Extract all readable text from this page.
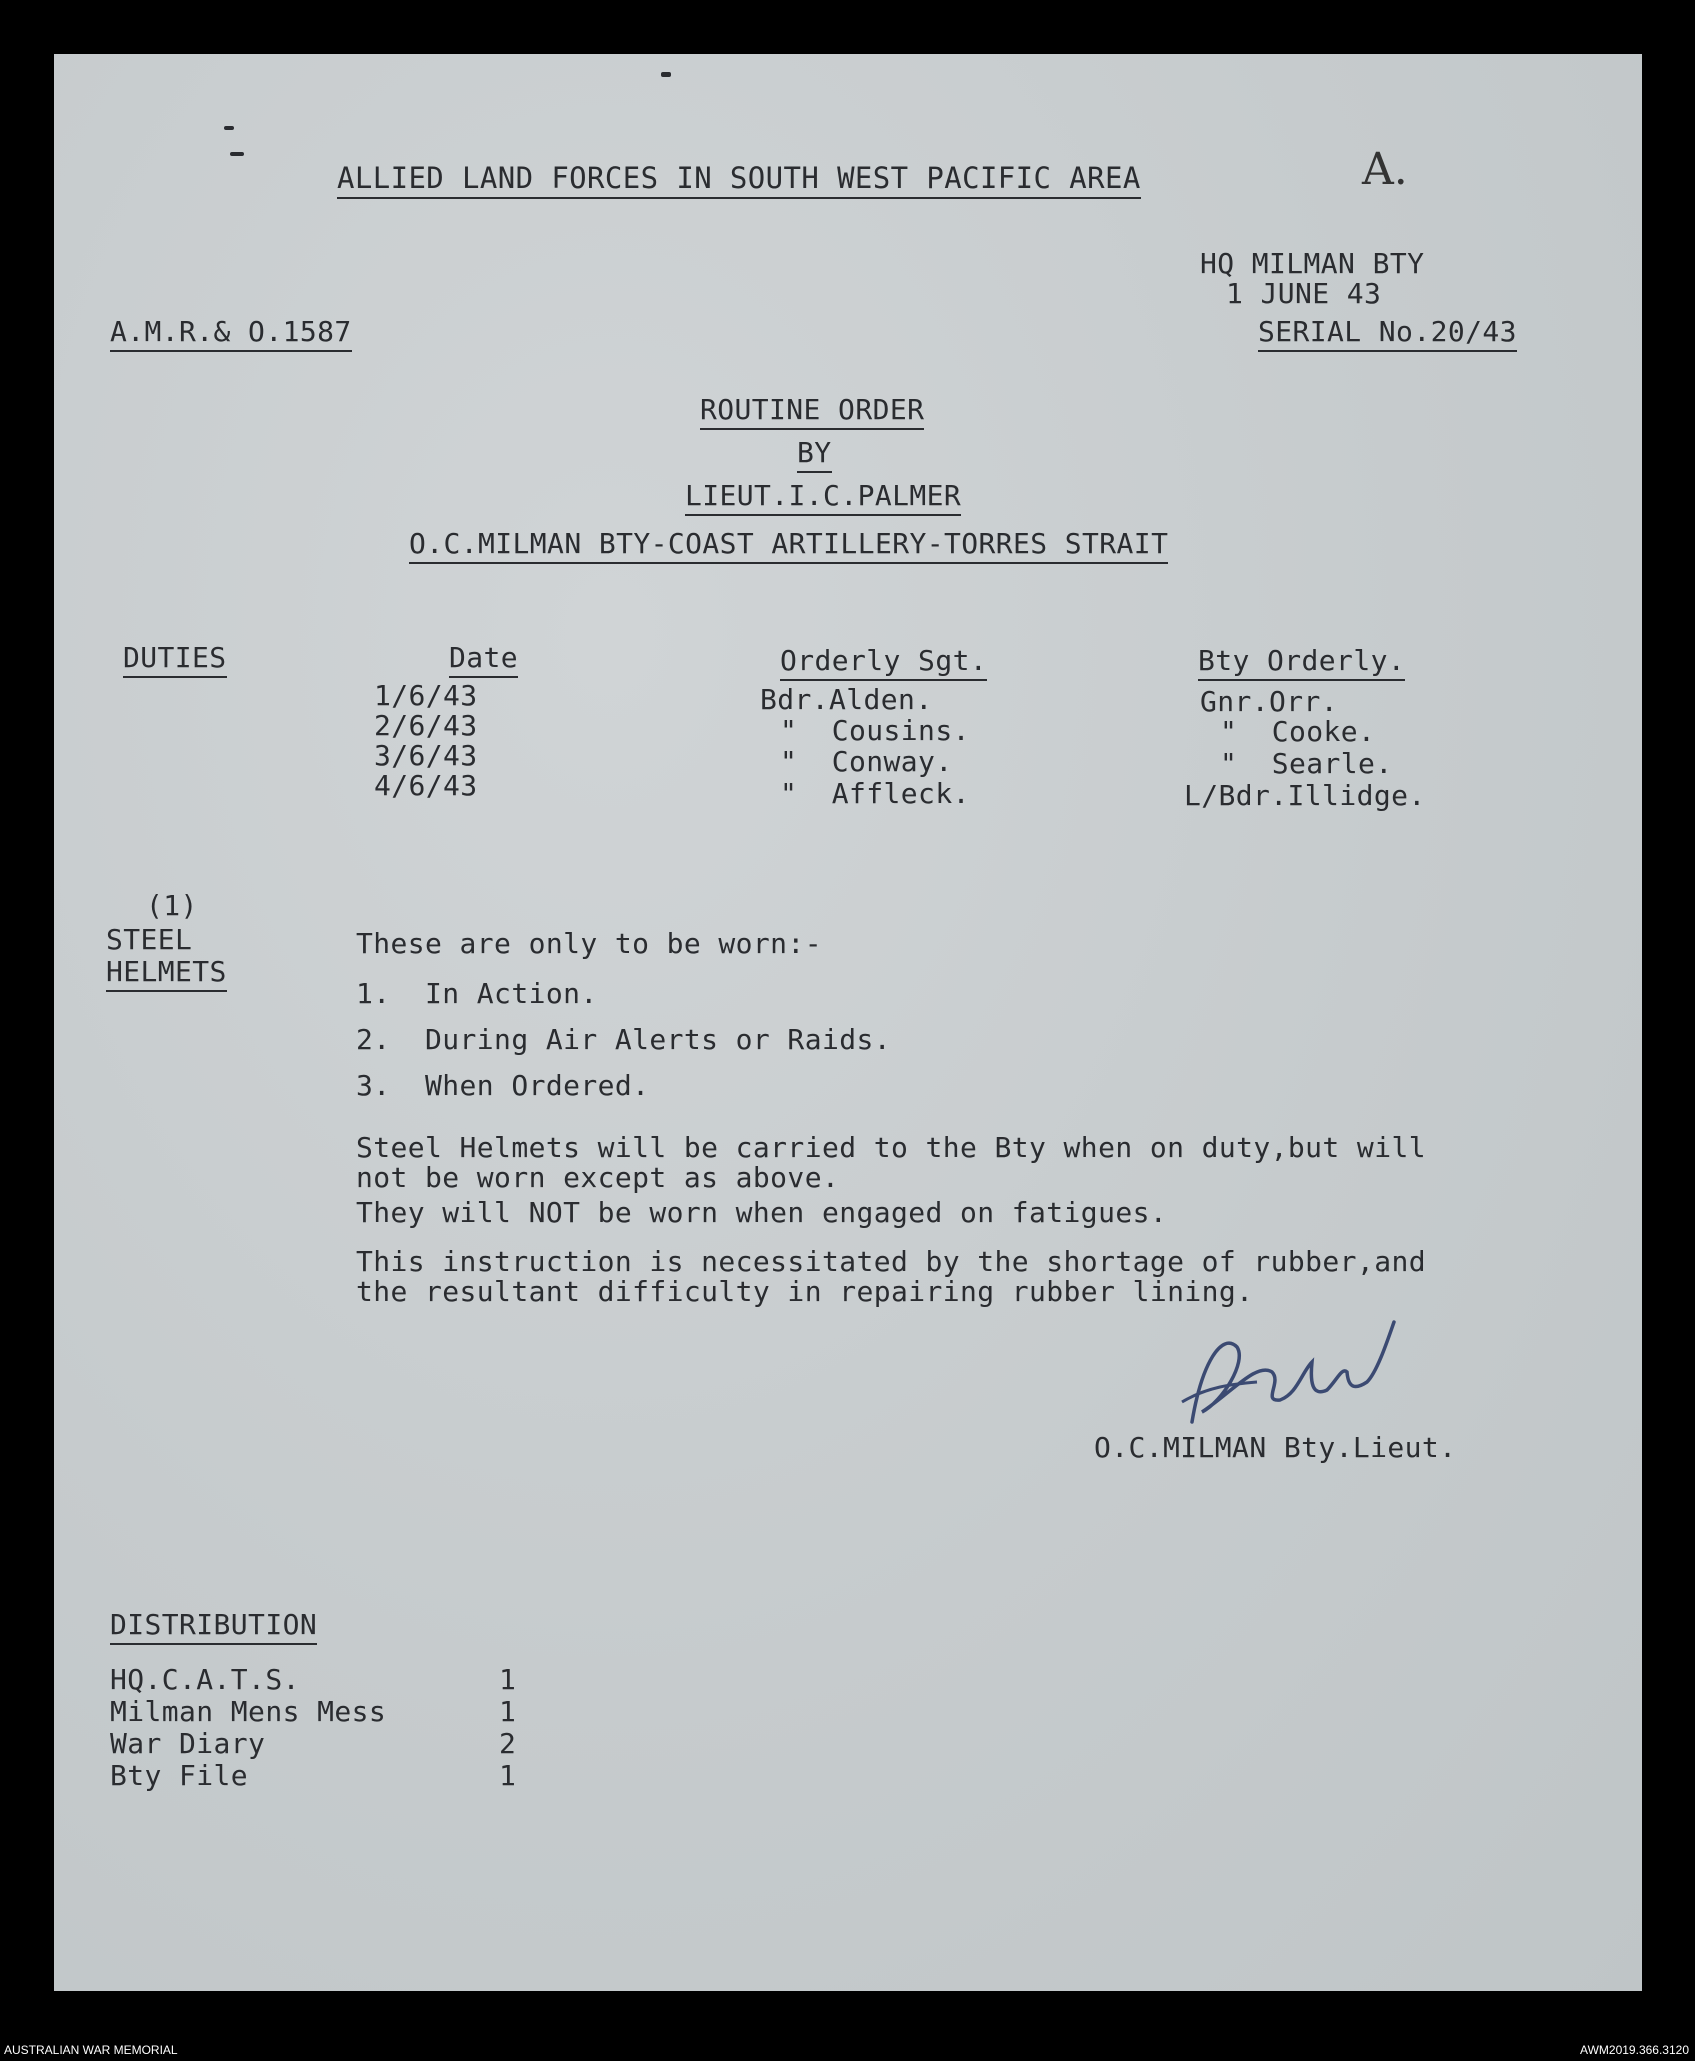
ALLIED LAND FORCES IN SOUTH WEST PACIFIC AREA	A.
HQ MILMAN BTY
1 JUNE 43
A.M.R.& O.1587	SERIAL No.20/43
ROUTINE ORDER
BY
LIEUT.I.C.PALMER
O.C.MILMAN BTY-COAST ARTILLERY-TORRES STRAIT
DUTIES	Date	Orderly Sgt.	Bty Orderly.
1/6/43	Bdr.Alden.	Gnr.Orr.
2/6/43	"  Cousins.	"  Cooke.
3/6/43	"  Conway.	"  Searle.
4/6/43	"  Affleck.	L/Bdr.Illidge.
(1)
STEEL
HELMETS
These are only to be worn:-
1.  In Action.
2.  During Air Alerts or Raids.
3.  When Ordered.
Steel Helmets will be carried to the Bty when on duty,but will
not be worn except as above.
They will NOT be worn when engaged on fatigues.
This instruction is necessitated by the shortage of rubber,and
the resultant difficulty in repairing rubber lining.
O.C.MILMAN Bty.Lieut.
DISTRIBUTION
HQ.C.A.T.S.	1
Milman Mens Mess	1
War Diary	2
Bty File	1
AUSTRALIAN WAR MEMORIAL	AWM2019.366.3120
